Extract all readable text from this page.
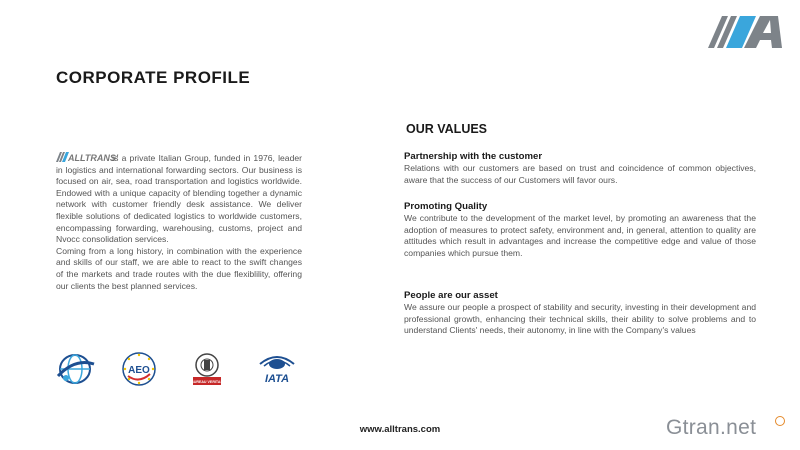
CORPORATE PROFILE
OUR VALUES

ALLTRANS'
is a private Italian Group, funded in 1976, leader in logistics and international forwarding sectors. Our business is focused on air, sea, road transportation and logistics worldwide. Endowed with a unique capacity of blending together a dynamic network with customer friendly desk assistance. We deliver flexible solutions of dedicated logistics to worldwide customers, encompassing forwarding, warehousing, customs, project and Nvocc consolidation services.

Coming from a long history, in combination with the experience and skills of our staff, we are able to react to the swift changes of the markets and trade routes with the due flexiblility, offering our clients the best planned services.

Partnership with the customer
Relations with our customers are based on trust and coincidence of common objectives, aware that the success of our Customers will favor ours.
Promoting Quality
We contribute to the development of the market level, by promoting an awareness that the adoption of measures to protect safety, environment and, in general, attention to quality are attitudes which result in advantages and increase the competitive edge and value of those companies which pursue them.
People are our asset
We assure our people a prospect of stability and security, investing in their development and professional growth, enhancing their technical skills, their ability to solve problems and to understand Clients' needs, their autonomy, in line with the Company's values
AEO
BUREAU VERITAS	IATA
www.alltrans.com	Gtran.net
